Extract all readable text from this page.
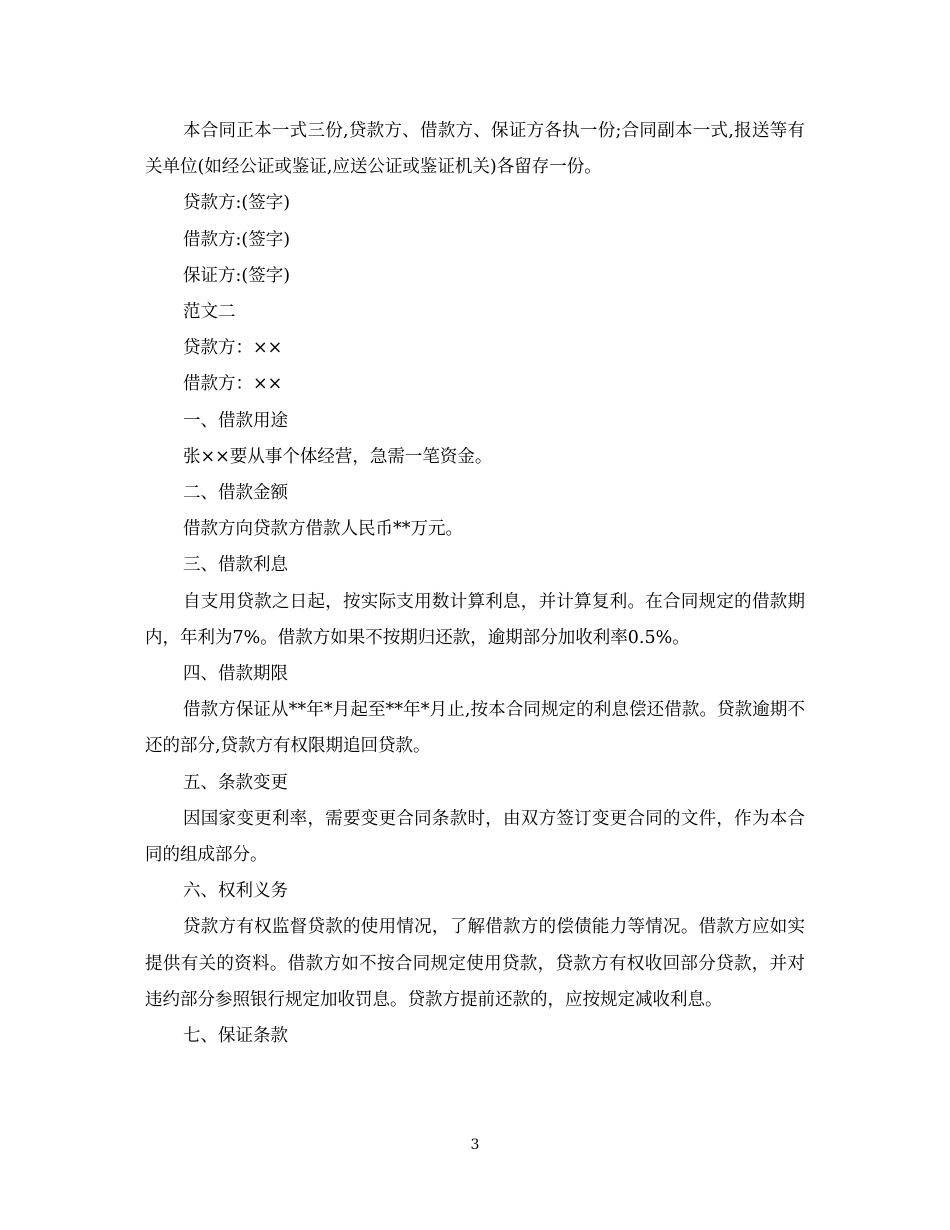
本合同正本一式三份,贷款方、借款方、保证方各执一份;合同副本一式,报送等有关单位(如经公证或鉴证,应送公证或鉴证机关)各留存一份。

贷款方:(签字)

借款方:(签字)

保证方:(签字)

范文二

贷款方：××

借款方：××

一、借款用途

张××要从事个体经营，急需一笔资金。

二、借款金额

借款方向贷款方借款人民币**万元。

三、借款利息

自支用贷款之日起，按实际支用数计算利息，并计算复利。在合同规定的借款期内，年利为7%。借款方如果不按期归还款，逾期部分加收利率0.5%。

四、借款期限

借款方保证从**年*月起至**年*月止,按本合同规定的利息偿还借款。贷款逾期不还的部分,贷款方有权限期追回贷款。

五、条款变更

因国家变更利率，需要变更合同条款时，由双方签订变更合同的文件，作为本合同的组成部分。

六、权利义务

贷款方有权监督贷款的使用情况，了解借款方的偿债能力等情况。借款方应如实提供有关的资料。借款方如不按合同规定使用贷款，贷款方有权收回部分贷款，并对违约部分参照银行规定加收罚息。贷款方提前还款的，应按规定减收利息。

七、保证条款

3
